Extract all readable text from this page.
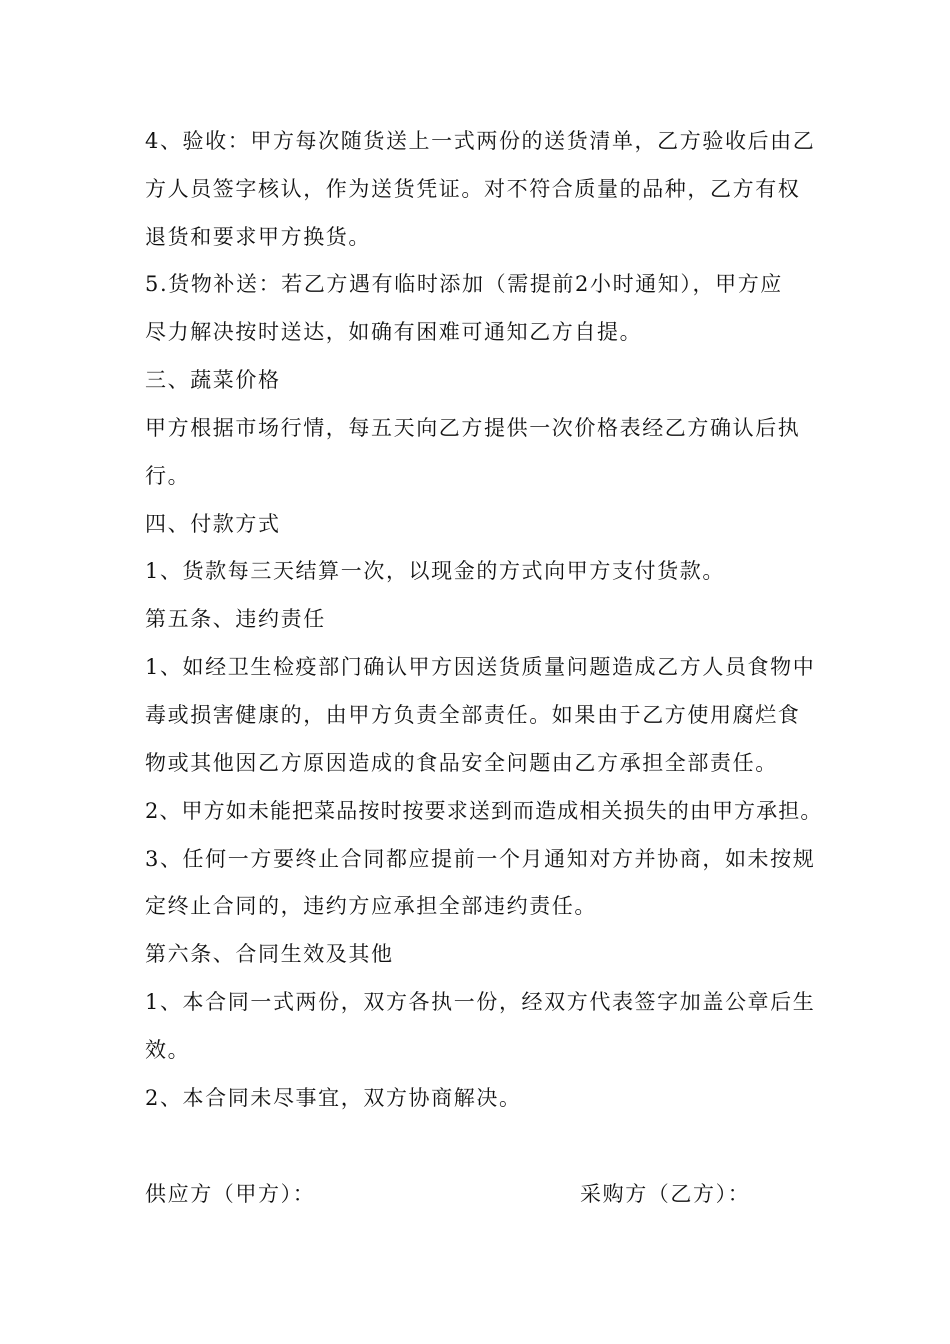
4、验收：甲方每次随货送上一式两份的送货清单，乙方验收后由乙
方人员签字核认，作为送货凭证。对不符合质量的品种，乙方有权
退货和要求甲方换货。
5.货物补送：若乙方遇有临时添加（需提前2小时通知），甲方应
尽力解决按时送达，如确有困难可通知乙方自提。
三、蔬菜价格
甲方根据市场行情，每五天向乙方提供一次价格表经乙方确认后执
行。
四、付款方式
1、货款每三天结算一次，以现金的方式向甲方支付货款。
第五条、违约责任
1、如经卫生检疫部门确认甲方因送货质量问题造成乙方人员食物中
毒或损害健康的，由甲方负责全部责任。如果由于乙方使用腐烂食
物或其他因乙方原因造成的食品安全问题由乙方承担全部责任。
2、甲方如未能把菜品按时按要求送到而造成相关损失的由甲方承担。
3、任何一方要终止合同都应提前一个月通知对方并协商，如未按规
定终止合同的，违约方应承担全部违约责任。
第六条、合同生效及其他
1、本合同一式两份，双方各执一份，经双方代表签字加盖公章后生
效。
2、本合同未尽事宜，双方协商解决。
供应方（甲方）：	采购方（乙方）：
